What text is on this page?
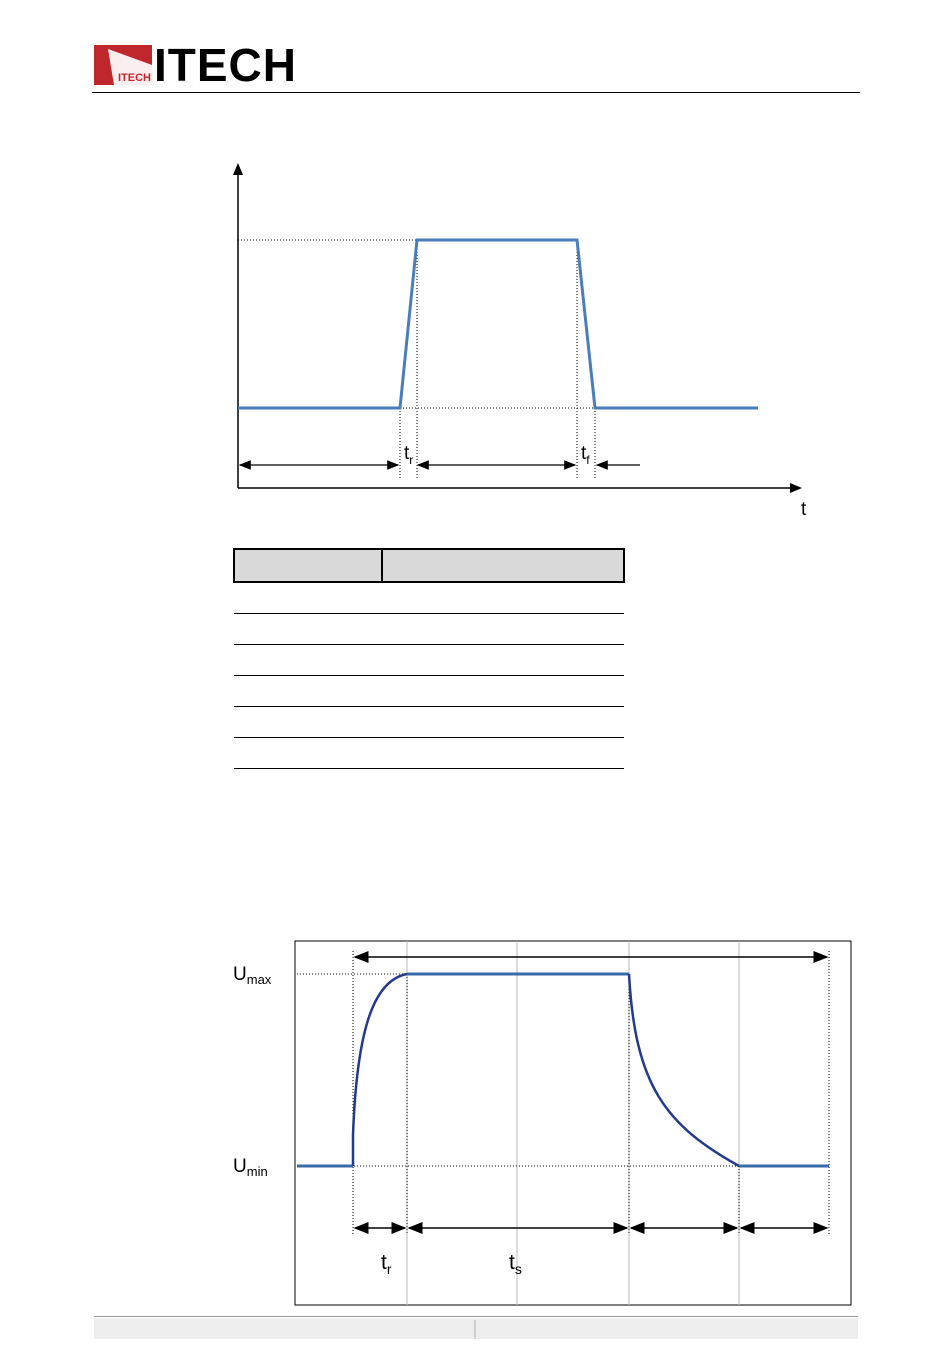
ITECH ITECH
$t_r$	$t_f$
t

$U_{max}$
$U_{min}$
$t_r$	$t_s$
